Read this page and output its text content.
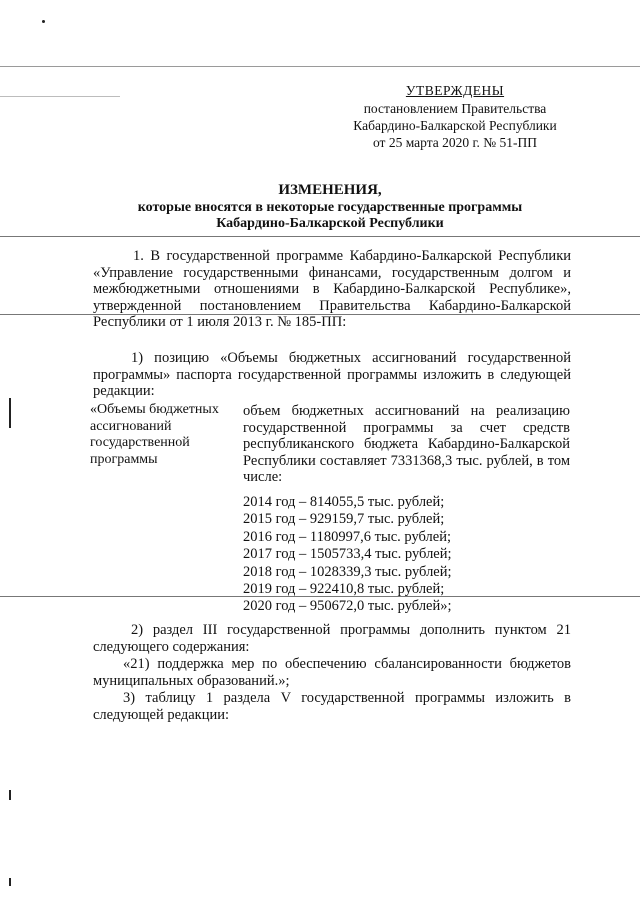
УТВЕРЖДЕНЫ
постановлением Правительства
Кабардино-Балкарской Республики
от 25 марта 2020 г. № 51-ПП
ИЗМЕНЕНИЯ,
которые вносятся в некоторые государственные программы
Кабардино-Балкарской Республики
1. В государственной программе Кабардино-Балкарской Республики «Управление государственными финансами, государственным долгом и межбюджетными отношениями в Кабардино-Балкарской Республике», утвержденной постановлением Правительства Кабардино-Балкарской Республики от 1 июля 2013 г. № 185-ПП:
1) позицию «Объемы бюджетных ассигнований государственной программы» паспорта государственной программы изложить в следующей редакции:
«Объемы бюджетных ассигнований государственной программы
объем бюджетных ассигнований на реализацию государственной программы за счет средств республиканского бюджета Кабардино-Балкарской Республики составляет 7331368,3 тыс. рублей, в том числе:
2014 год – 814055,5 тыс. рублей;
2015 год – 929159,7 тыс. рублей;
2016 год – 1180997,6 тыс. рублей;
2017 год – 1505733,4 тыс. рублей;
2018 год – 1028339,3 тыс. рублей;
2019 год – 922410,8 тыс. рублей;
2020 год – 950672,0 тыс. рублей»;
2) раздел III государственной программы дополнить пунктом 21 следующего содержания:
«21) поддержка мер по обеспечению сбалансированности бюджетов муниципальных образований.»;
3) таблицу 1 раздела V государственной программы изложить в следующей редакции:
